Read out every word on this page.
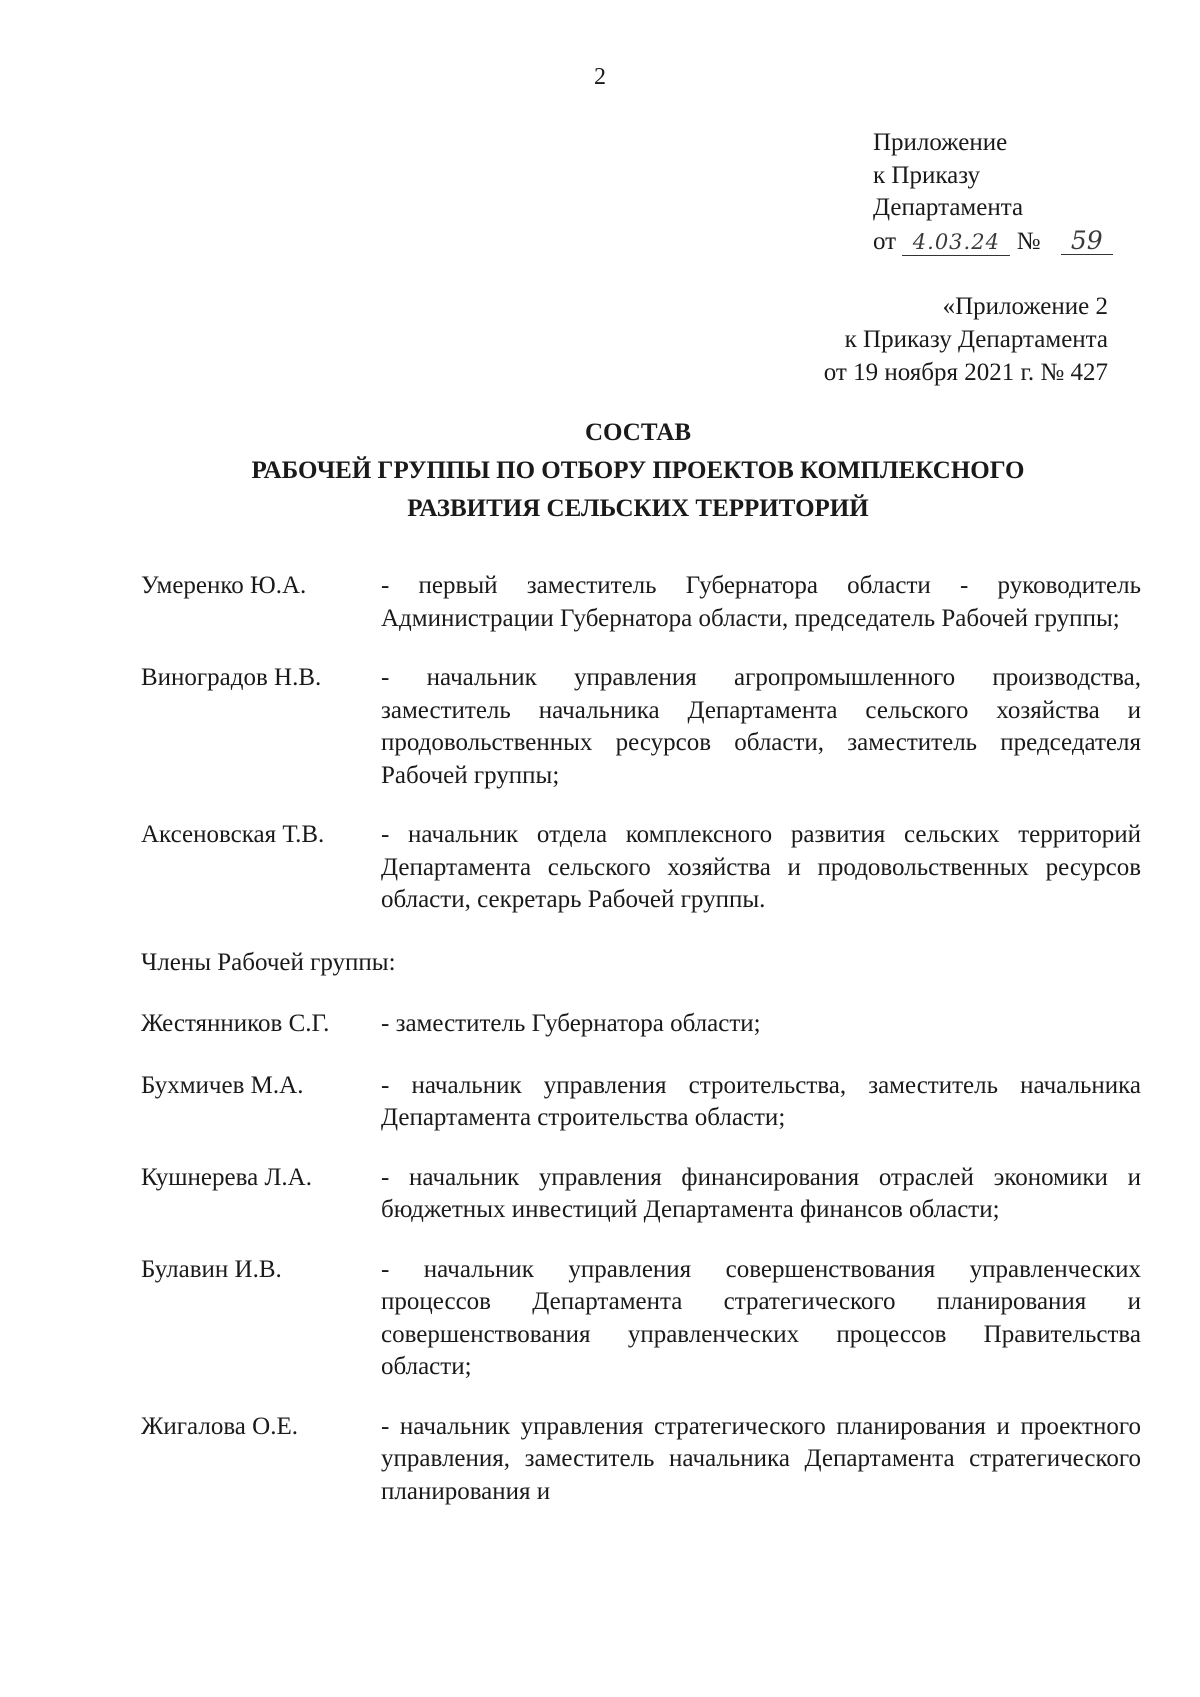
2
Приложение
к Приказу
Департамента
от 4.03.24 № 59
«Приложение 2
к Приказу Департамента
от 19 ноября 2021 г. № 427
СОСТАВ
РАБОЧЕЙ ГРУППЫ ПО ОТБОРУ ПРОЕКТОВ КОМПЛЕКСНОГО
РАЗВИТИЯ СЕЛЬСКИХ ТЕРРИТОРИЙ
Умеренко Ю.А.	- первый заместитель Губернатора области - руководитель Администрации Губернатора области, председатель Рабочей группы;
Виноградов Н.В.	- начальник управления агропромышленного производства, заместитель начальника Департамента сельского хозяйства и продовольственных ресурсов области, заместитель председателя Рабочей группы;
Аксеновская Т.В.	- начальник отдела комплексного развития сельских территорий Департамента сельского хозяйства и продовольственных ресурсов области, секретарь Рабочей группы.
Члены Рабочей группы:
Жестянников С.Г.	- заместитель Губернатора области;
Бухмичев М.А.	- начальник управления строительства, заместитель начальника Департамента строительства области;
Кушнерева Л.А.	- начальник управления финансирования отраслей экономики и бюджетных инвестиций Департамента финансов области;
Булавин И.В.	- начальник управления совершенствования управленческих процессов Департамента стратегического планирования и совершенствования управленческих процессов Правительства области;
Жигалова О.Е.	- начальник управления стратегического планирования и проектного управления, заместитель начальника Департамента стратегического планирования и
